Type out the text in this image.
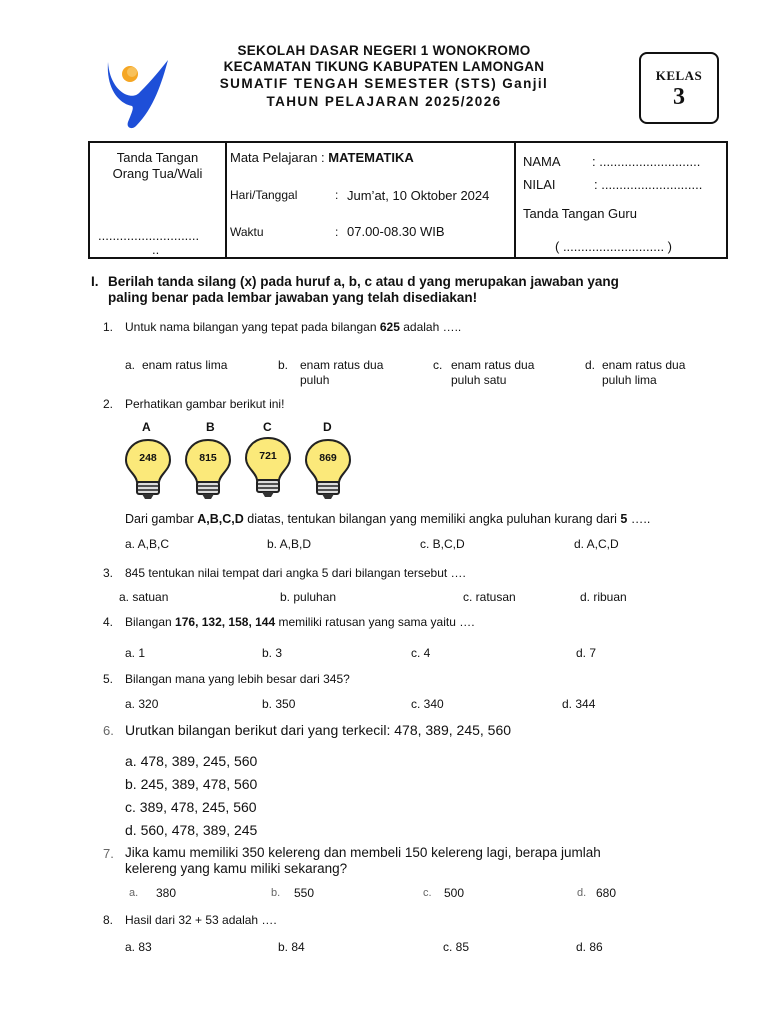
SEKOLAH DASAR NEGERI 1 WONOKROMO
KECAMATAN TIKUNG KABUPATEN LAMONGAN
SUMATIF TENGAH SEMESTER (STS) Ganjil
TAHUN PELAJARAN 2025/2026
KELAS
3
Tanda Tangan
Orang Tua/Wali
............................
..
Mata Pelajaran : MATEMATIKA
Hari/Tanggal	: Jum’at, 10 Oktober 2024
Waktu	: 07.00-08.30 WIB
NAMA : ............................
NILAI	: ............................
Tanda Tangan Guru
( ............................ )
I. Berilah tanda silang (x) pada huruf a, b, c atau d yang merupakan jawaban yang
paling benar pada lembar jawaban yang telah disediakan!
1. Untuk nama bilangan yang tepat pada bilangan 625 adalah …..
a. enam ratus lima	b. enam ratus dua
puluh
c. enam ratus dua
puluh satu
d. enam ratus dua
puluh lima
2. Perhatikan gambar berikut ini!
A
248
B
815
C
721
D
869
Dari gambar A,B,C,D diatas, tentukan bilangan yang memiliki angka puluhan kurang dari 5 …..
a. A,B,C	b. A,B,D	c. B,C,D	d. A,C,D
3. 845 tentukan nilai tempat dari angka 5 dari bilangan tersebut ….
a. satuan	b. puluhan	c. ratusan	d. ribuan
4. Bilangan 176, 132, 158, 144 memiliki ratusan yang sama yaitu ….
a. 1	b. 3	c. 4	d. 7
5. Bilangan mana yang lebih besar dari 345?
a. 320	b. 350	c. 340	d. 344
6. Urutkan bilangan berikut dari yang terkecil: 478, 389, 245, 560
a. 478, 389, 245, 560
b. 245, 389, 478, 560
c. 389, 478, 245, 560
d. 560, 478, 389, 245
7. Jika kamu memiliki 350 kelereng dan membeli 150 kelereng lagi, berapa jumlah
kelereng yang kamu miliki sekarang?
a. 380	b. 550	c. 500	d. 680
8. Hasil dari 32 + 53 adalah ….
a. 83	b. 84	c. 85	d. 86
